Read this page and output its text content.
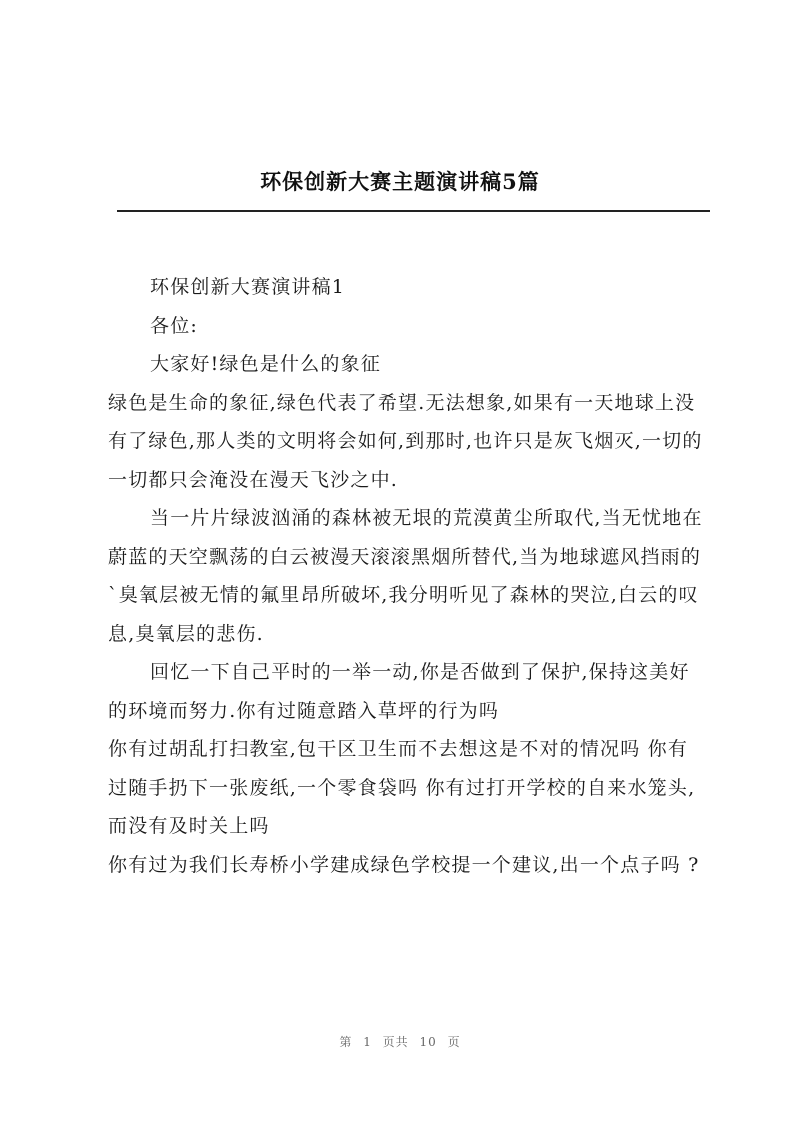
环保创新大赛主题演讲稿5篇

环保创新大赛演讲稿1

各位:

大家好!绿色是什么的象征

绿色是生命的象征,绿色代表了希望.无法想象,如果有一天地球上没有了绿色,那人类的文明将会如何,到那时,也许只是灰飞烟灭,一切的一切都只会淹没在漫天飞沙之中.

当一片片绿波汹涌的森林被无垠的荒漠黄尘所取代,当无忧地在蔚蓝的天空飘荡的白云被漫天滚滚黑烟所替代,当为地球遮风挡雨的`臭氧层被无情的氟里昂所破坏,我分明听见了森林的哭泣,白云的叹息,臭氧层的悲伤.

回忆一下自己平时的一举一动,你是否做到了保护,保持这美好的环境而努力.你有过随意踏入草坪的行为吗

你有过胡乱打扫教室,包干区卫生而不去想这是不对的情况吗 你有过随手扔下一张废纸,一个零食袋吗 你有过打开学校的自来水笼头,而没有及时关上吗

你有过为我们长寿桥小学建成绿色学校提一个建议,出一个点子吗 ?

第 1 页共 10 页
